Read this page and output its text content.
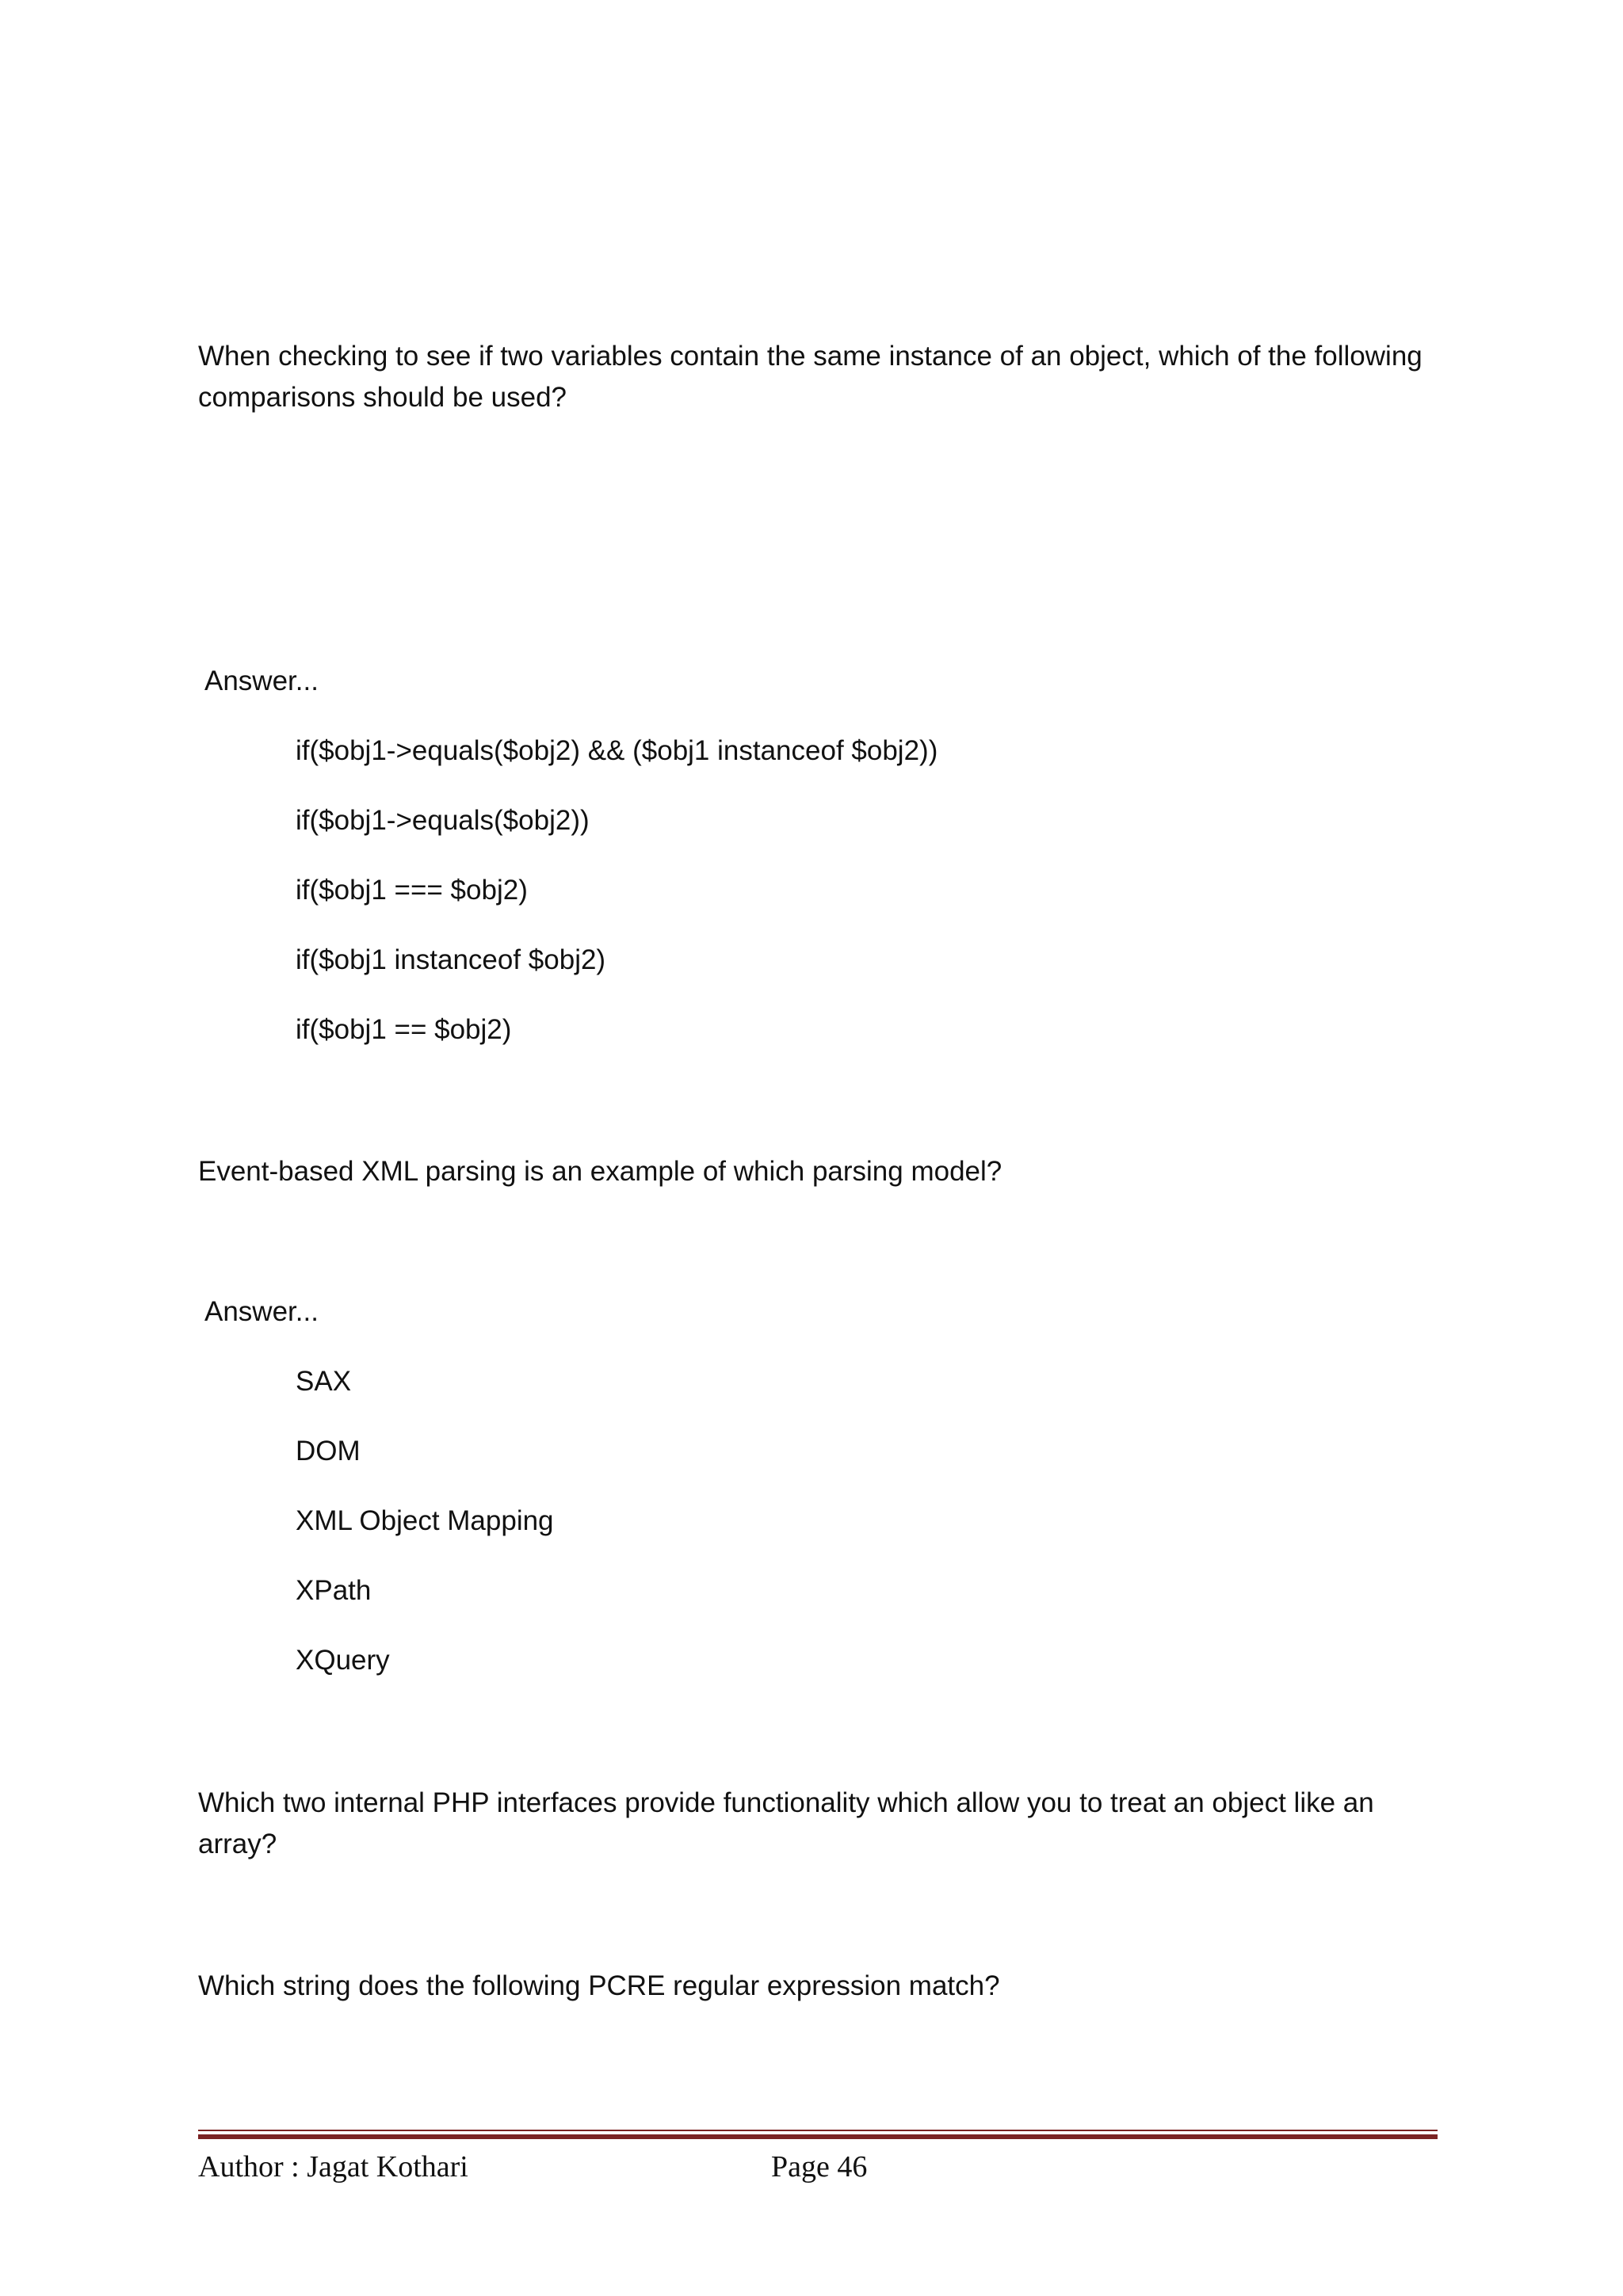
When checking to see if two variables contain the same instance of an object, which of the following comparisons should be used?
Answer...
if($obj1->equals($obj2) && ($obj1 instanceof $obj2))
if($obj1->equals($obj2))
if($obj1 === $obj2)
if($obj1 instanceof $obj2)
if($obj1 == $obj2)
Event-based XML parsing is an example of which parsing model?
Answer...
SAX
DOM
XML Object Mapping
XPath
XQuery
Which two internal PHP interfaces provide functionality which allow you to treat an object like an array?
Which string does the following PCRE regular expression match?
Author : Jagat Kothari	Page 46
